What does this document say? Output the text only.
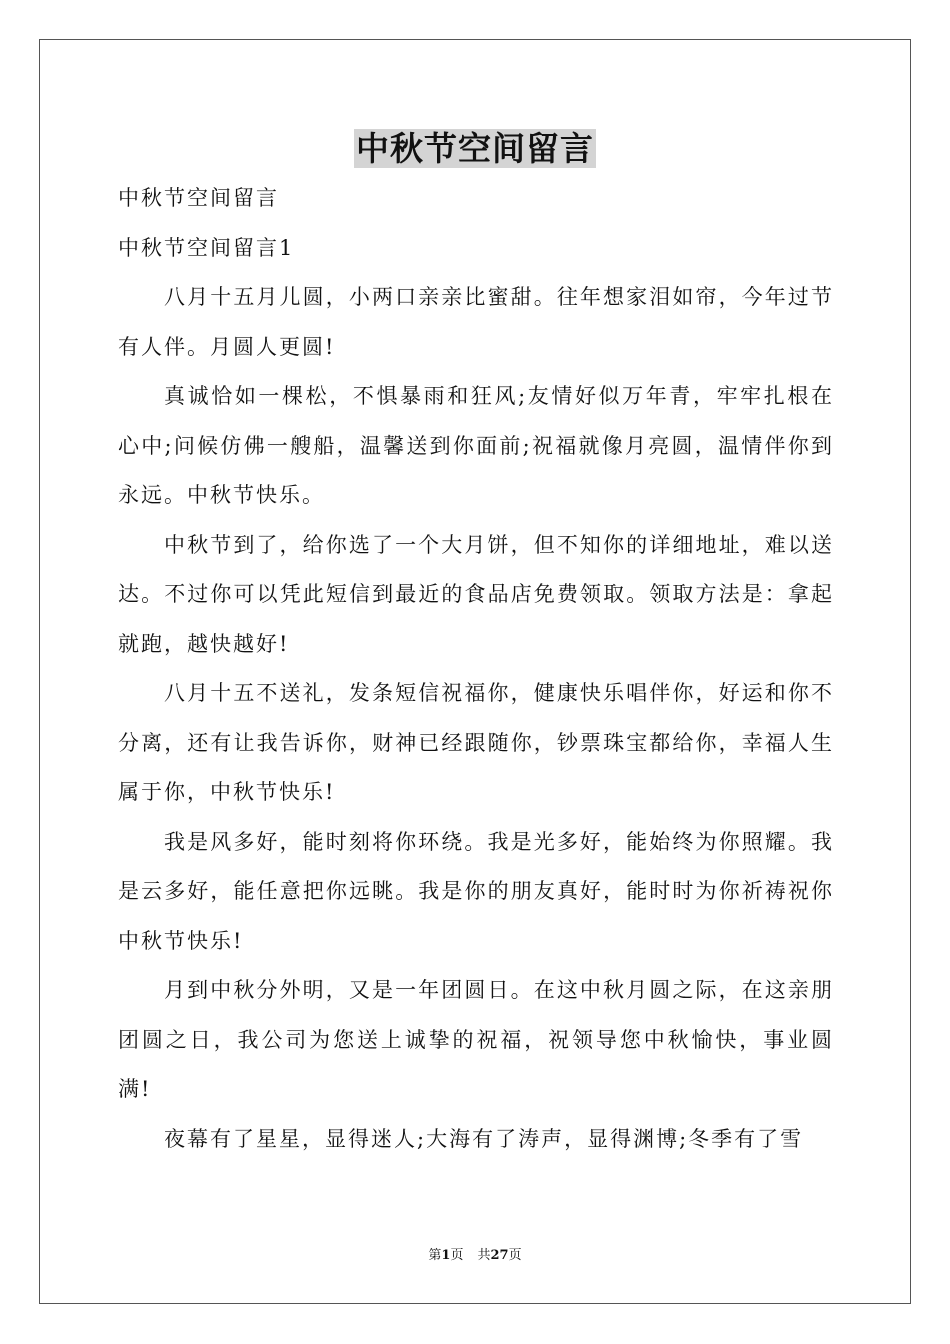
中秋节空间留言

中秋节空间留言

中秋节空间留言1

八月十五月儿圆，小两口亲亲比蜜甜。往年想家泪如帘，今年过节有人伴。月圆人更圆!

真诚恰如一棵松，不惧暴雨和狂风;友情好似万年青，牢牢扎根在心中;问候仿佛一艘船，温馨送到你面前;祝福就像月亮圆，温情伴你到永远。中秋节快乐。

中秋节到了，给你选了一个大月饼，但不知你的详细地址，难以送达。不过你可以凭此短信到最近的食品店免费领取。领取方法是：拿起就跑，越快越好!

八月十五不送礼，发条短信祝福你，健康快乐唱伴你，好运和你不分离，还有让我告诉你，财神已经跟随你，钞票珠宝都给你，幸福人生属于你，中秋节快乐!

我是风多好，能时刻将你环绕。我是光多好，能始终为你照耀。我是云多好，能任意把你远眺。我是你的朋友真好，能时时为你祈祷祝你中秋节快乐!

月到中秋分外明，又是一年团圆日。在这中秋月圆之际，在这亲朋团圆之日，我公司为您送上诚挚的祝福，祝领导您中秋愉快，事业圆满!

夜幕有了星星，显得迷人;大海有了涛声，显得渊博;冬季有了雪

第1页 共27页
